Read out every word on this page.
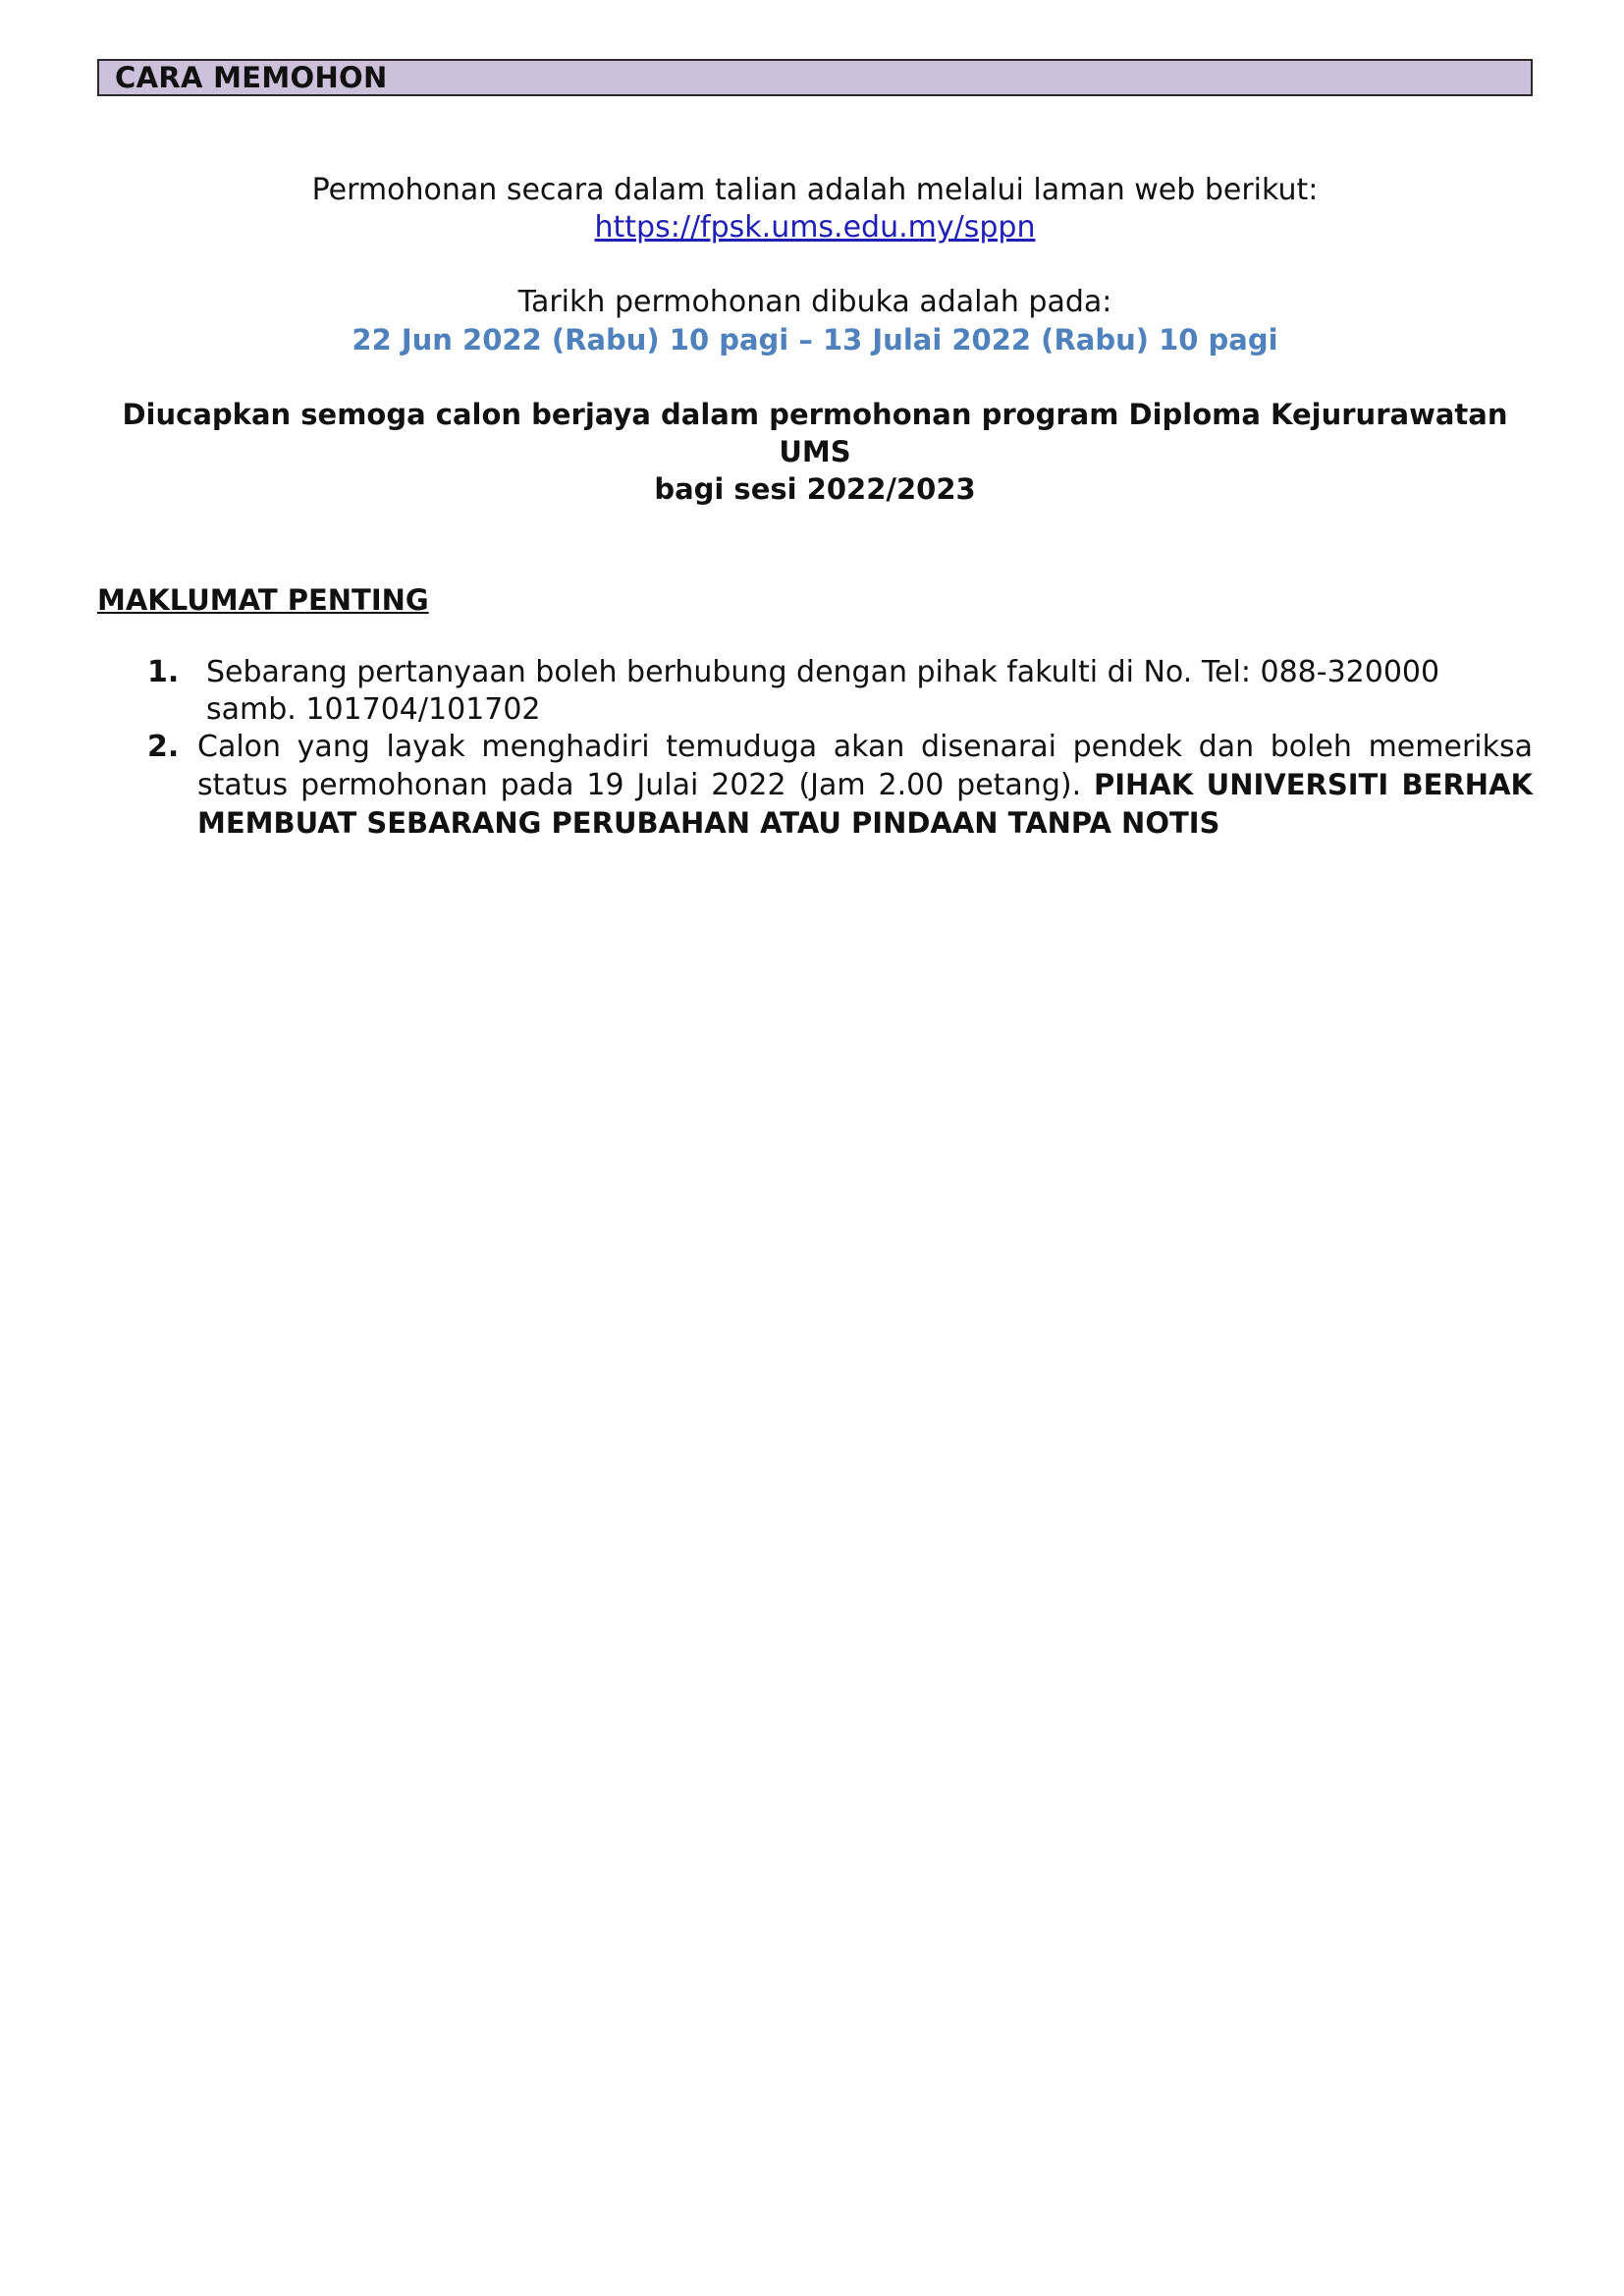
CARA MEMOHON
Permohonan secara dalam talian adalah melalui laman web berikut:
https://fpsk.ums.edu.my/sppn
Tarikh permohonan dibuka adalah pada:
22 Jun 2022 (Rabu) 10 pagi – 13 Julai 2022 (Rabu) 10 pagi
Diucapkan semoga calon berjaya dalam permohonan program Diploma Kejururawatan UMS
bagi sesi 2022/2023
MAKLUMAT PENTING
1. Sebarang pertanyaan boleh berhubung dengan pihak fakulti di No. Tel: 088-320000 samb. 101704/101702
2. Calon yang layak menghadiri temuduga akan disenarai pendek dan boleh memeriksa status permohonan pada 19 Julai 2022 (Jam 2.00 petang). PIHAK UNIVERSITI BERHAK MEMBUAT SEBARANG PERUBAHAN ATAU PINDAAN TANPA NOTIS
